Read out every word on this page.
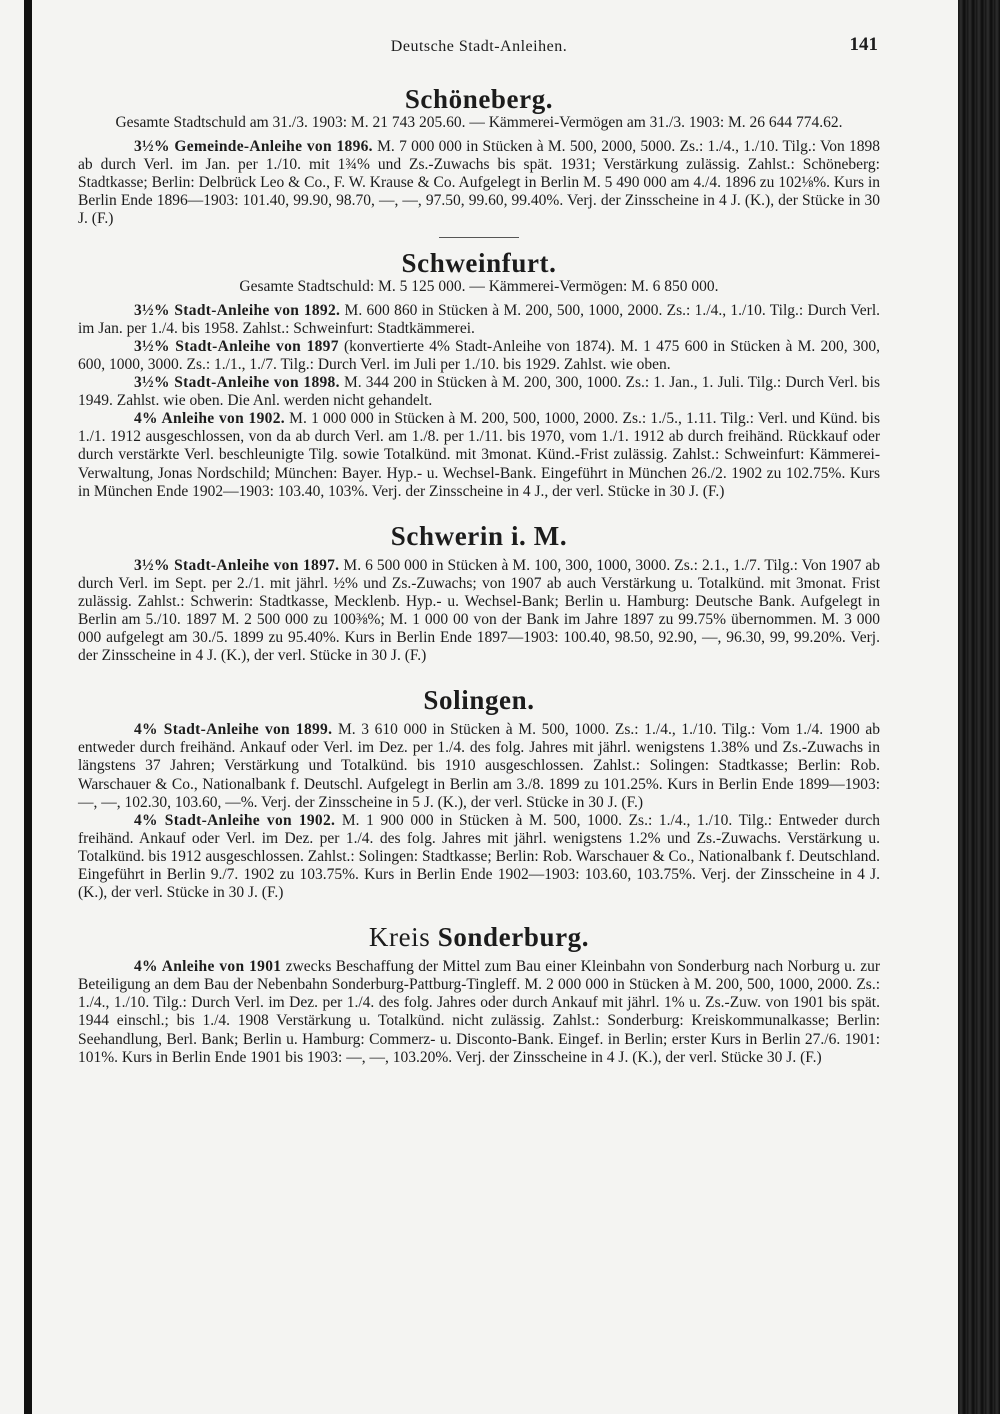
Deutsche Stadt-Anleihen.	141
Schöneberg.

Gesamte Stadtschuld am 31./3. 1903: M. 21 743 205.60. — Kämmerei-Vermögen am 31./3. 1903: M. 26 644 774.62.

3½% Gemeinde-Anleihe von 1896. M. 7 000 000 in Stücken à M. 500, 2000, 5000. Zs.: 1./4., 1./10. Tilg.: Von 1898 ab durch Verl. im Jan. per 1./10. mit 1¾% und Zs.-Zuwachs bis spät. 1931; Verstärkung zulässig. Zahlst.: Schöneberg: Stadtkasse; Berlin: Delbrück Leo & Co., F. W. Krause & Co. Aufgelegt in Berlin M. 5 490 000 am 4./4. 1896 zu 102⅛%. Kurs in Berlin Ende 1896—1903: 101.40, 99.90, 98.70, —, —, 97.50, 99.60, 99.40%. Verj. der Zinsscheine in 4 J. (K.), der Stücke in 30 J. (F.)

Schweinfurt.

Gesamte Stadtschuld: M. 5 125 000. — Kämmerei-Vermögen: M. 6 850 000.

3½% Stadt-Anleihe von 1892. M. 600 860 in Stücken à M. 200, 500, 1000, 2000. Zs.: 1./4., 1./10. Tilg.: Durch Verl. im Jan. per 1./4. bis 1958. Zahlst.: Schweinfurt: Stadtkämmerei.

3½% Stadt-Anleihe von 1897 (konvertierte 4% Stadt-Anleihe von 1874). M. 1 475 600 in Stücken à M. 200, 300, 600, 1000, 3000. Zs.: 1./1., 1./7. Tilg.: Durch Verl. im Juli per 1./10. bis 1929. Zahlst. wie oben.

3½% Stadt-Anleihe von 1898. M. 344 200 in Stücken à M. 200, 300, 1000. Zs.: 1. Jan., 1. Juli. Tilg.: Durch Verl. bis 1949. Zahlst. wie oben. Die Anl. werden nicht gehandelt.

4% Anleihe von 1902. M. 1 000 000 in Stücken à M. 200, 500, 1000, 2000. Zs.: 1./5., 1.11. Tilg.: Verl. und Künd. bis 1./1. 1912 ausgeschlossen, von da ab durch Verl. am 1./8. per 1./11. bis 1970, vom 1./1. 1912 ab durch freihänd. Rückkauf oder durch verstärkte Verl. beschleunigte Tilg. sowie Totalkünd. mit 3monat. Künd.-Frist zulässig. Zahlst.: Schweinfurt: Kämmerei-Verwaltung, Jonas Nordschild; München: Bayer. Hyp.- u. Wechsel-Bank. Eingeführt in München 26./2. 1902 zu 102.75%. Kurs in München Ende 1902—1903: 103.40, 103%. Verj. der Zinsscheine in 4 J., der verl. Stücke in 30 J. (F.)

Schwerin i. M.

3½% Stadt-Anleihe von 1897. M. 6 500 000 in Stücken à M. 100, 300, 1000, 3000. Zs.: 2.1., 1./7. Tilg.: Von 1907 ab durch Verl. im Sept. per 2./1. mit jährl. ½% und Zs.-Zuwachs; von 1907 ab auch Verstärkung u. Totalkünd. mit 3monat. Frist zulässig. Zahlst.: Schwerin: Stadtkasse, Mecklenb. Hyp.- u. Wechsel-Bank; Berlin u. Hamburg: Deutsche Bank. Aufgelegt in Berlin am 5./10. 1897 M. 2 500 000 zu 100⅜%; M. 1 000 00 von der Bank im Jahre 1897 zu 99.75% übernommen. M. 3 000 000 aufgelegt am 30./5. 1899 zu 95.40%. Kurs in Berlin Ende 1897—1903: 100.40, 98.50, 92.90, —, 96.30, 99, 99.20%. Verj. der Zinsscheine in 4 J. (K.), der verl. Stücke in 30 J. (F.)

Solingen.

4% Stadt-Anleihe von 1899. M. 3 610 000 in Stücken à M. 500, 1000. Zs.: 1./4., 1./10. Tilg.: Vom 1./4. 1900 ab entweder durch freihänd. Ankauf oder Verl. im Dez. per 1./4. des folg. Jahres mit jährl. wenigstens 1.38% und Zs.-Zuwachs in längstens 37 Jahren; Verstärkung und Totalkünd. bis 1910 ausgeschlossen. Zahlst.: Solingen: Stadtkasse; Berlin: Rob. Warschauer & Co., Nationalbank f. Deutschl. Aufgelegt in Berlin am 3./8. 1899 zu 101.25%. Kurs in Berlin Ende 1899—1903: —, —, 102.30, 103.60, —%. Verj. der Zinsscheine in 5 J. (K.), der verl. Stücke in 30 J. (F.)

4% Stadt-Anleihe von 1902. M. 1 900 000 in Stücken à M. 500, 1000. Zs.: 1./4., 1./10. Tilg.: Entweder durch freihänd. Ankauf oder Verl. im Dez. per 1./4. des folg. Jahres mit jährl. wenigstens 1.2% und Zs.-Zuwachs. Verstärkung u. Totalkünd. bis 1912 ausgeschlossen. Zahlst.: Solingen: Stadtkasse; Berlin: Rob. Warschauer & Co., Nationalbank f. Deutschland. Eingeführt in Berlin 9./7. 1902 zu 103.75%. Kurs in Berlin Ende 1902—1903: 103.60, 103.75%. Verj. der Zinsscheine in 4 J. (K.), der verl. Stücke in 30 J. (F.)

Kreis Sonderburg.

4% Anleihe von 1901 zwecks Beschaffung der Mittel zum Bau einer Kleinbahn von Sonderburg nach Norburg u. zur Beteiligung an dem Bau der Nebenbahn Sonderburg-Pattburg-Tingleff. M. 2 000 000 in Stücken à M. 200, 500, 1000, 2000. Zs.: 1./4., 1./10. Tilg.: Durch Verl. im Dez. per 1./4. des folg. Jahres oder durch Ankauf mit jährl. 1% u. Zs.-Zuw. von 1901 bis spät. 1944 einschl.; bis 1./4. 1908 Verstärkung u. Totalkünd. nicht zulässig. Zahlst.: Sonderburg: Kreiskommunalkasse; Berlin: Seehandlung, Berl. Bank; Berlin u. Hamburg: Commerz- u. Disconto-Bank. Eingef. in Berlin; erster Kurs in Berlin 27./6. 1901: 101%. Kurs in Berlin Ende 1901 bis 1903: —, —, 103.20%. Verj. der Zinsscheine in 4 J. (K.), der verl. Stücke 30 J. (F.)
